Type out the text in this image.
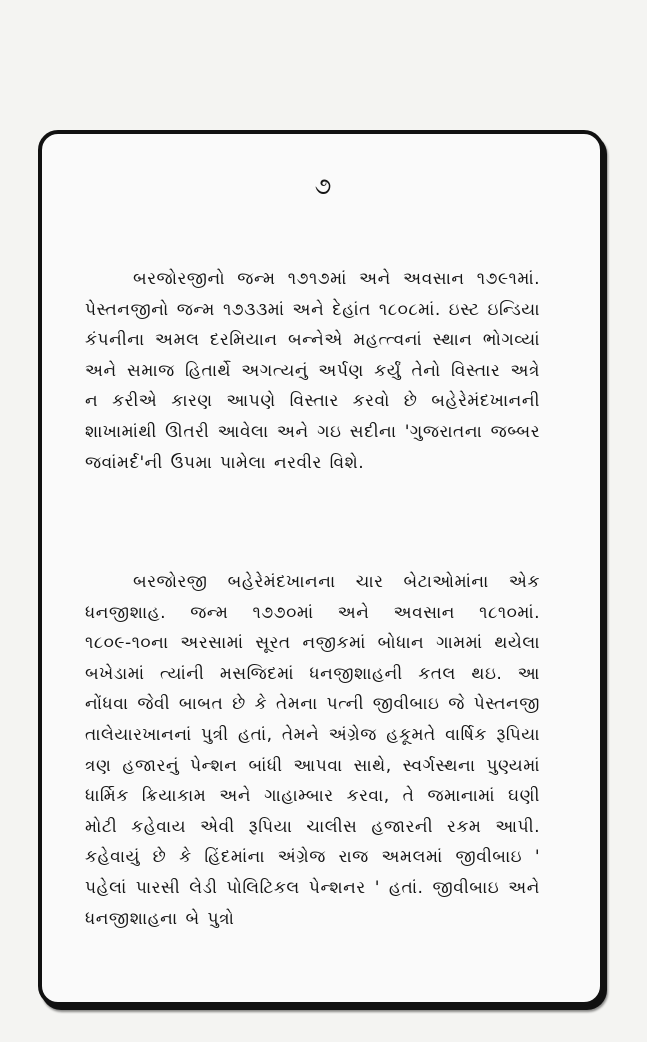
૭

બરજોરજીનો જન્મ ૧૭૧૭માં અને અવસાન ૧૭૯૧માં. પેસ્તનજીનો જન્મ ૧૭૩૩માં અને દેહાંત ૧૮૦૮માં. ઇસ્ટ ઇન્ડિયા કંપનીના અમલ દરમિયાન બન્નેએ મહત્ત્વનાં સ્થાન ભોગવ્યાં અને સમાજ હિતાર્થે અગત્યનું અર્પણ કર્યું તેનો વિસ્તાર અત્રે ન કરીએ કારણ આપણે વિસ્તાર કરવો છે બહેરેમંદખાનની શાખામાંથી ઊતરી આવેલા અને ગઇ સદીના 'ગુજરાતના જબ્બર જવાંમર્દ'ની ઉપમા પામેલા નરવીર વિશે.

બરજોરજી બહેરેમંદખાનના ચાર બેટાઓમાંના એક ધનજીશાહ. જન્મ ૧૭૭૦માં અને અવસાન ૧૮૧૦માં. ૧૮૦૯-૧૦ના અરસામાં સૂરત નજીકમાં બોધાન ગામમાં થયેલા બખેડામાં ત્યાંની મસજિદમાં ધનજીશાહની કતલ થઇ. આ નોંધવા જેવી બાબત છે કે તેમના પત્ની જીવીબાઇ જે પેસ્તનજી તાલેયારખાનનાં પુત્રી હતાં, તેમને અંગ્રેજ હકૂમતે વાર્ષિક રૂપિયા ત્રણ હજારનું પેન્શન બાંધી આપવા સાથે, સ્વર્ગસ્થના પુણ્યમાં ધાર્મિક ક્રિયાકામ અને ગાહામ્બાર કરવા, તે જમાનામાં ઘણી મોટી કહેવાય એવી રૂપિયા ચાલીસ હજારની રકમ આપી. કહેવાયું છે કે હિંદમાંના અંગ્રેજ રાજ અમલમાં જીવીબાઇ ' પહેલાં પારસી લેડી પોલિટિકલ પેન્શનર ' હતાં. જીવીબાઇ અને ધનજીશાહના બે પુત્રો
